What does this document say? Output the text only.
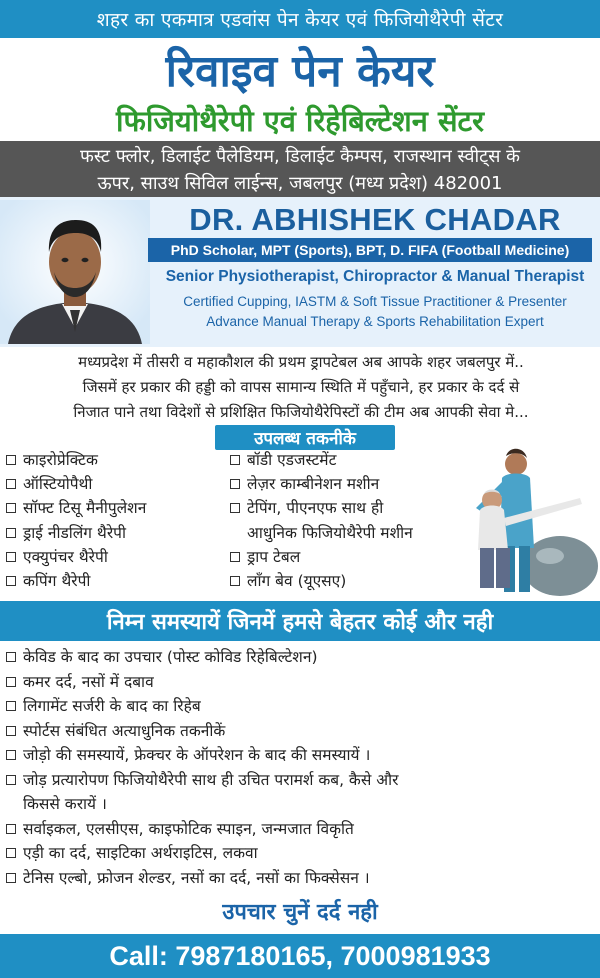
शहर का एकमात्र एडवांस पेन केयर एवं फिजियोथैरेपी सेंटर
रिवाइव पेन केयर
फिजियोथैरेपी एवं रिहेबिल्टेशन सेंटर
फस्ट फ्लोर, डिलाईट पैलेडियम, डिलाईट कैम्पस, राजस्थान स्वीट्स के
ऊपर, साउथ सिविल लाईन्स, जबलपुर (मध्य प्रदेश) 482001
DR. ABHISHEK CHADAR
PhD Scholar, MPT (Sports), BPT, D. FIFA (Football Medicine)
Senior Physiotherapist, Chiropractor & Manual Therapist
Certified Cupping, IASTM & Soft Tissue Practitioner & Presenter
Advance Manual Therapy & Sports Rehabilitation Expert
मध्यप्रदेश में तीसरी व महाकौशल की प्रथम ड्रापटेबल अब आपके शहर जबलपुर में..
जिसमें हर प्रकार की हड्डी को वापस सामान्य स्थिति में पहुँचाने, हर प्रकार के दर्द से
निजात पाने तथा विदेशों से प्रशिक्षित फिजियोथैरेपिस्टों की टीम अब आपकी सेवा मे...
उपलब्ध तकनीके
काइरोप्रेक्टिक
ऑस्टियोपैथी
सॉफ्ट टिसू मैनीपुलेशन
ड्राई नीडलिंग थैरेपी
एक्युपंचर थैरेपी
कपिंग थैरेपी
बॉडी एडजस्टमेंट
लेज़र काम्बीनेशन मशीन
टेपिंग, पीएनएफ साथ ही
आधुनिक फिजियोथैरेपी मशीन
ड्राप टेबल
लॉंग बेव (यूएसए)
निम्न समस्यायें जिनमें हमसे बेहतर कोई और नही
केविड के बाद का उपचार (पोस्ट कोविड रिहेबिल्टेशन)
कमर दर्द, नसों में दबाव
लिगामेंट सर्जरी के बाद का रिहेब
स्पोर्टस संबंधित अत्याधुनिक तकनीकें
जोड़ो की समस्यायें, फ्रेक्चर के ऑपरेशन के बाद की समस्यायें ।
जोड़ प्रत्यारोपण फिजियोथैरेपी साथ ही उचित परामर्श कब, कैसे और
किससे करायें ।
सर्वाइकल, एलसीएस, काइफोटिक स्पाइन, जन्मजात विकृति
एड़ी का दर्द, साइटिका अर्थराइटिस, लकवा
टेनिस एल्बो, फ्रोजन शेल्डर, नसों का दर्द, नसों का फिक्सेसन ।
उपचार चुनें दर्द नही
Call: 7987180165, 7000981933
